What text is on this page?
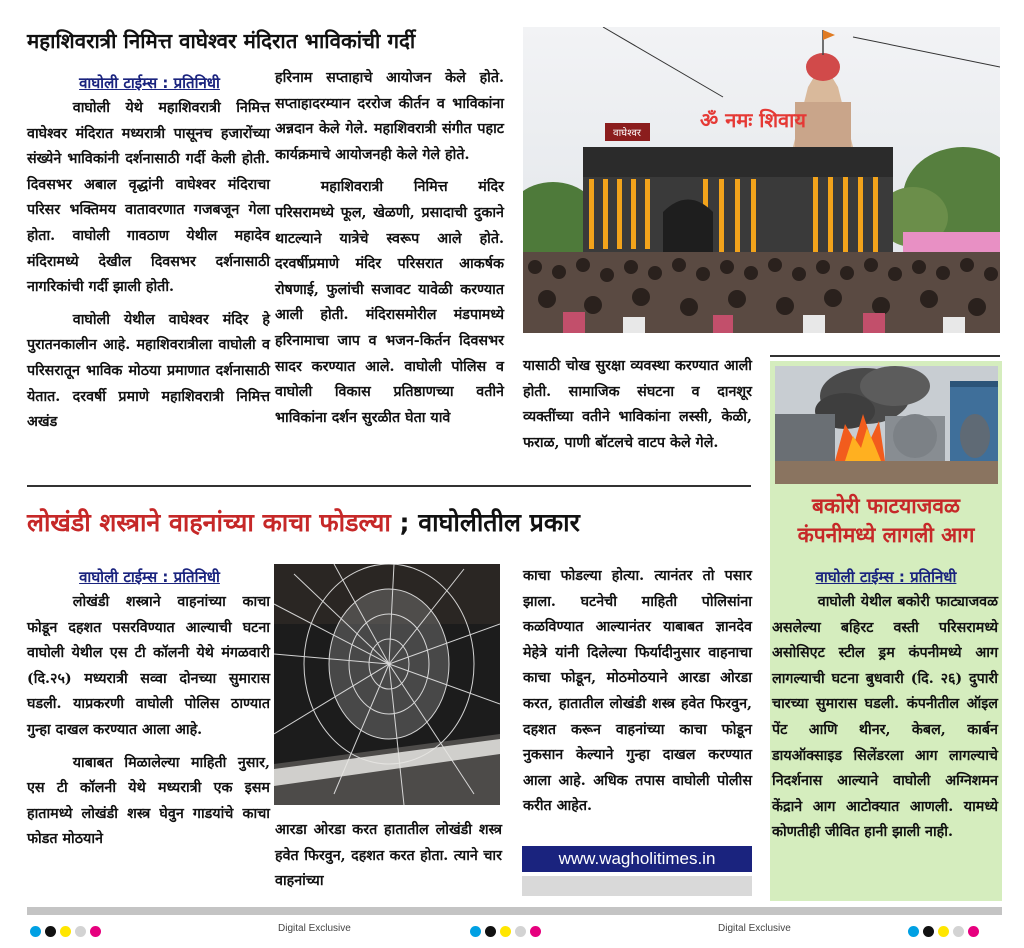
महाशिवरात्री निमित्त वाघेश्वर मंदिरात भाविकांची गर्दी
वाघोली टाईम्स : प्रतिनिधी

वाघोली येथे महाशिवरात्री निमित्त वाघेश्वर मंदिरात मध्यरात्री पासूनच हजारोंच्या संख्येने भाविकांनी दर्शनासाठी गर्दी केली होती. दिवसभर अबाल वृद्धांनी वाघेश्वर मंदिराचा परिसर भक्तिमय वातावरणात गजबजून गेला होता. वाघोली गावठाण येथील महादेव मंदिरामध्ये देखील दिवसभर दर्शनासाठी नागरिकांची गर्दी झाली होती.

वाघोली येथील वाघेश्वर मंदिर हे पुरातनकालीन आहे. महाशिवरात्रीला वाघोली व परिसरातून भाविक मोठया प्रमाणात दर्शनासाठी येतात. दरवर्षी प्रमाणे महाशिवरात्री निमित्त अखंड

हरिनाम सप्ताहाचे आयोजन केले होते. सप्ताहादरम्यान दररोज कीर्तन व भाविकांना अन्नदान केले गेले. महाशिवरात्री संगीत पहाट कार्यक्रमाचे आयोजनही केले गेले होते.

महाशिवरात्री निमित्त मंदिर परिसरामध्ये फूल, खेळणी, प्रसादाची दुकाने थाटल्याने यात्रेचे स्वरूप आले होते. दरवर्षीप्रमाणे मंदिर परिसरात आकर्षक रोषणाई, फुलांची सजावट यावेळी करण्यात आली होती. मंदिरासमोरील मंडपामध्ये हरिनामाचा जाप व भजन-किर्तन दिवसभर सादर करण्यात आले. वाघोली पोलिस व वाघोली विकास प्रतिष्ठाणच्या वतीने भाविकांना दर्शन सुरळीत घेता यावे

वाघेश्वर
ॐ नमः शिवाय

यासाठी चोख सुरक्षा व्यवस्था करण्यात आली होती. सामाजिक संघटना व दानशूर व्यक्तींच्या वतीने भाविकांना लस्सी, केळी, फराळ, पाणी बॉटलचे वाटप केले गेले.

बकोरी फाटयाजवळ
कंपनीमध्ये लागली आग
वाघोली टाईम्स : प्रतिनिधी

वाघोली येथील बकोरी फाट्याजवळ असलेल्या बहिरट वस्ती परिसरामध्ये असोसिएट स्टील ड्रम कंपनीमध्ये आग लागल्याची घटना बुधवारी (दि. २६) दुपारी चारच्या सुमारास घडली. कंपनीतील ऑइल पेंट आणि थीनर, केबल, कार्बन डायऑक्साइड सिलेंडरला आग लागल्याचे निदर्शनास आल्याने वाघोली अग्निशमन केंद्राने आग आटोक्यात आणली. यामध्ये कोणतीही जीवित हानी झाली नाही.

लोखंडी शस्त्राने वाहनांच्या काचा फोडल्या ; वाघोलीतील प्रकार
वाघोली टाईम्स : प्रतिनिधी

लोखंडी शस्त्राने वाहनांच्या काचा फोडून दहशत पसरविण्यात आल्याची घटना वाघोली येथील एस टी कॉलनी येथे मंगळवारी (दि.२५) मध्यरात्री सव्वा दोनच्या सुमारास घडली. याप्रकरणी वाघोली पोलिस ठाण्यात गुन्हा दाखल करण्यात आला आहे.

याबाबत मिळालेल्या माहिती नुसार, एस टी कॉलनी येथे मध्यरात्री एक इसम हातामध्ये लोखंडी शस्त्र घेवुन गाडयांचे काचा फोडत मोठयाने

आरडा ओरडा करत हातातील लोखंडी शस्त्र हवेत फिरवुन, दहशत करत होता. त्याने चार वाहनांच्या

काचा फोडल्या होत्या. त्यानंतर तो पसार झाला. घटनेची माहिती पोलिसांना कळविण्यात आल्यानंतर याबाबत ज्ञानदेव मेहेत्रे यांनी दिलेल्या फिर्यादीनुसार वाहनाचा काचा फोडून, मोठमोठयाने आरडा ओरडा करत, हातातील लोखंडी शस्त्र हवेत फिरवुन, दहशत करून वाहनांच्या काचा फोडून नुकसान केल्याने गुन्हा दाखल करण्यात आला आहे. अधिक तपास वाघोली पोलीस करीत आहेत.

www.wagholitimes.in
Digital Exclusive	Digital Exclusive
